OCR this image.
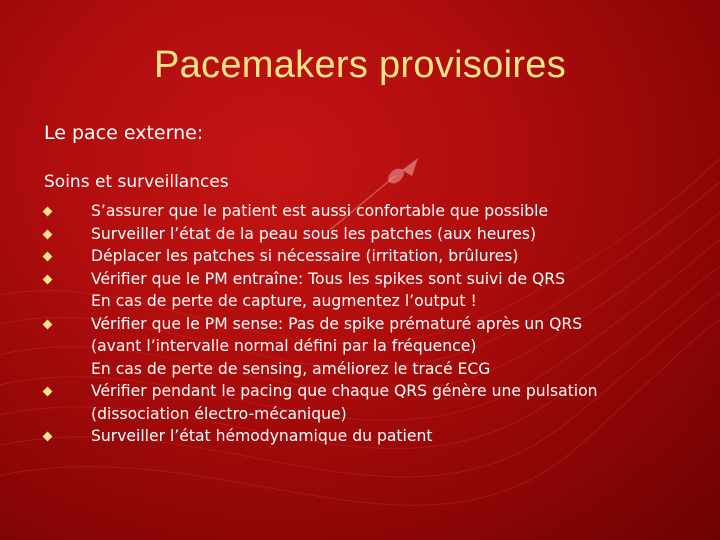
Pacemakers provisoires
Le pace externe:
Soins et surveillances
S’assurer que le patient est aussi confortable que possible
Surveiller l’état de la peau sous les patches (aux heures)
Déplacer les patches si nécessaire (irritation, brûlures)
Vérifier que le PM entraîne: Tous les spikes sont suivi de QRS
En cas de perte de capture, augmentez l’output !
Vérifier que le PM sense: Pas de spike prématuré après un QRS
(avant l’intervalle normal défini par la fréquence)
En cas de perte de sensing, améliorez le tracé ECG
Vérifier pendant le pacing que chaque QRS génère une pulsation
(dissociation électro-mécanique)
Surveiller l’état hémodynamique du patient
